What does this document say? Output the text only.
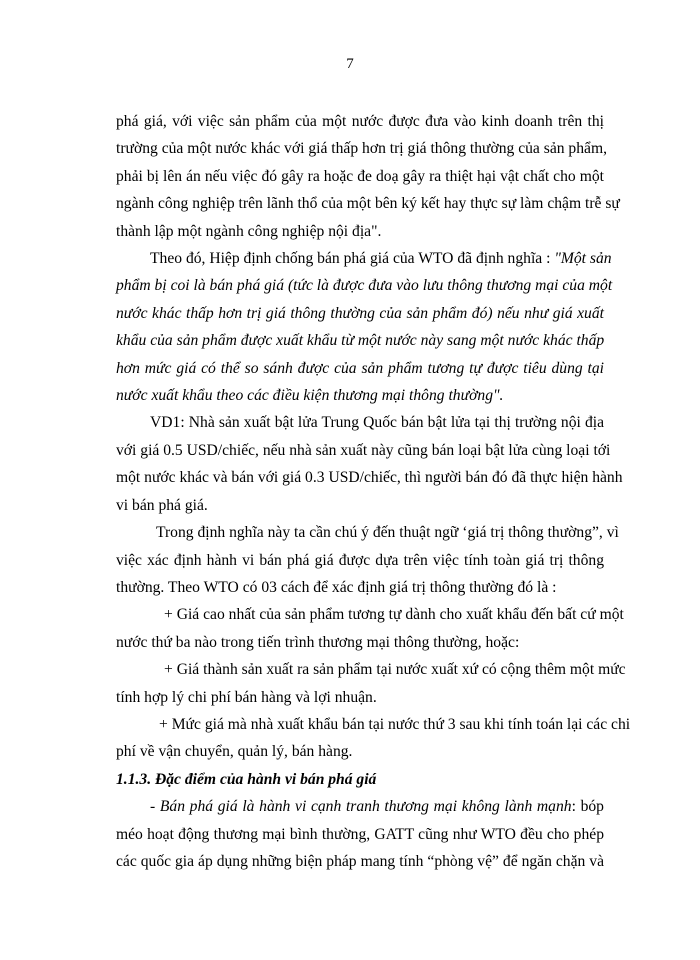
7
phá giá, với việc sản phẩm của một nước được đưa vào kinh doanh trên thị
trường của một nước khác với giá thấp hơn trị giá thông thường của sản phẩm,
phải bị lên án nếu việc đó gây ra hoặc đe doạ gây ra thiệt hại vật chất cho một
ngành công nghiệp trên lãnh thổ của một bên ký kết hay thực sự làm chậm trễ sự
thành lập một ngành công nghiệp nội địa".
Theo đó, Hiệp định chống bán phá giá của WTO đã định nghĩa : "Một sản
phẩm bị coi là bán phá giá (tức là được đưa vào lưu thông thương mại của một
nước khác thấp hơn trị giá thông thường của sản phẩm đó) nếu như giá xuất
khẩu của sản phẩm được xuất khẩu từ một nước này sang một nước khác thấp
hơn mức giá có thể so sánh được của sản phẩm tương tự được tiêu dùng tại
nước xuất khẩu theo các điều kiện thương mại thông thường".
VD1: Nhà sản xuất bật lửa Trung Quốc bán bật lửa tại thị trường nội địa
với giá 0.5 USD/chiếc, nếu nhà sản xuất này cũng bán loại bật lửa cùng loại tới
một nước khác và bán với giá 0.3 USD/chiếc, thì người bán đó đã thực hiện hành
vi bán phá giá.
Trong định nghĩa này ta cần chú ý đến thuật ngữ ‘giá trị thông thường”, vì
việc xác định hành vi bán phá giá được dựa trên việc tính toàn giá trị thông
thường. Theo WTO có 03 cách để xác định giá trị thông thường đó là :
+ Giá cao nhất của sản phẩm tương tự dành cho xuất khẩu đến bất cứ một
nước thứ ba nào trong tiến trình thương mại thông thường, hoặc:
+ Giá thành sản xuất ra sản phẩm tại nước xuất xứ có cộng thêm một mức
tính hợp lý chi phí bán hàng và lợi nhuận.
+ Mức giá mà nhà xuất khẩu bán tại nước thứ 3 sau khi tính toán lại các chi
phí về vận chuyển, quản lý, bán hàng.
1.1.3. Đặc điểm của hành vi bán phá giá
- Bán phá giá là hành vi cạnh tranh thương mại không lành mạnh: bóp
méo hoạt động thương mại bình thường, GATT cũng như WTO đều cho phép
các quốc gia áp dụng những biện pháp mang tính “phòng vệ” để ngăn chặn và
